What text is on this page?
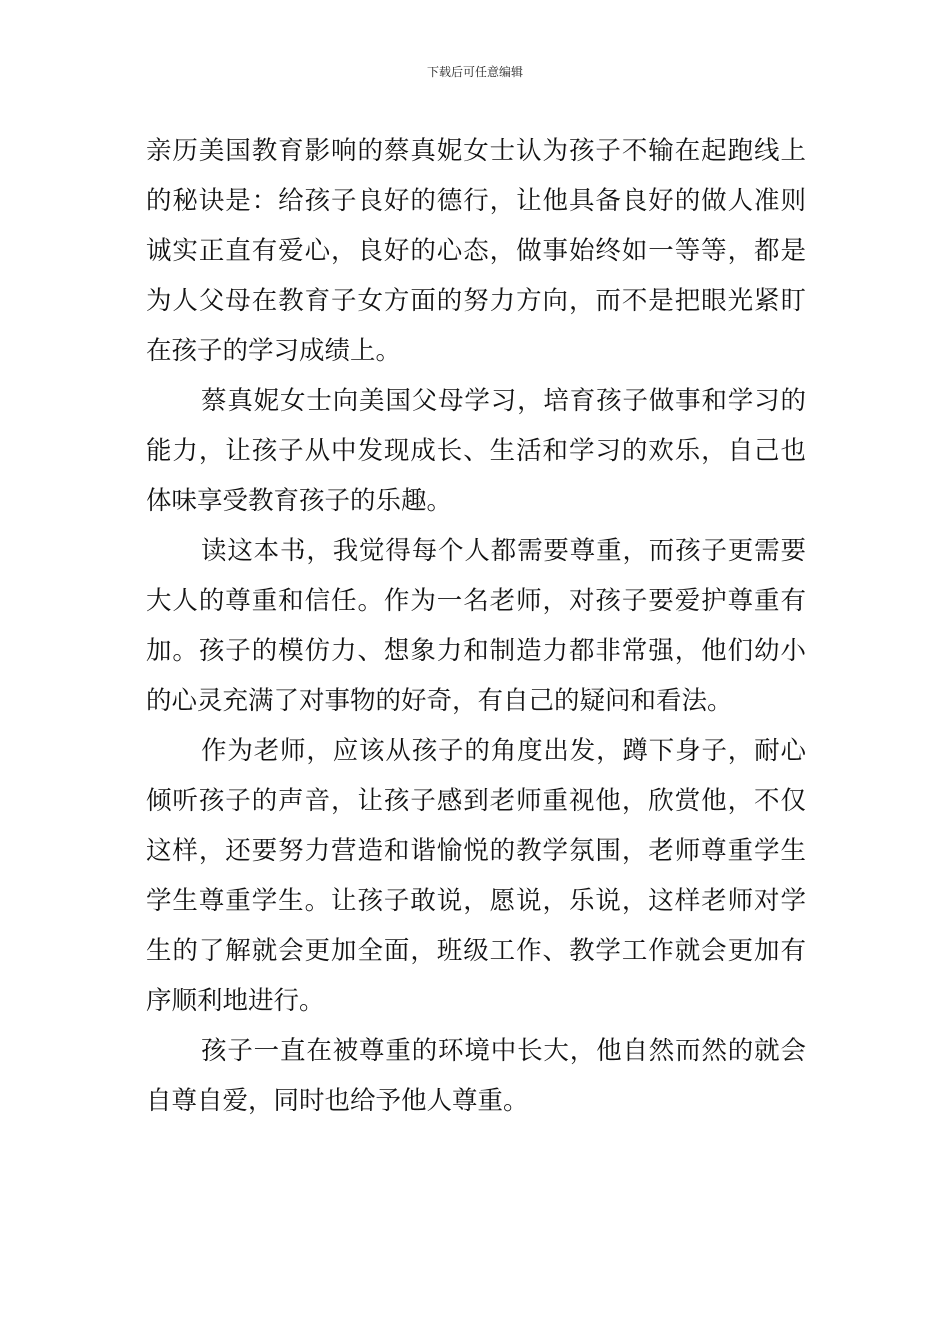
下载后可任意编辑
亲历美国教育影响的蔡真妮女士认为孩子不输在起跑线上
的秘诀是：给孩子良好的德行，让他具备良好的做人准则
诚实正直有爱心，良好的心态，做事始终如一等等，都是
为人父母在教育子女方面的努力方向，而不是把眼光紧盯
在孩子的学习成绩上。
蔡真妮女士向美国父母学习，培育孩子做事和学习的
能力，让孩子从中发现成长、生活和学习的欢乐，自己也
体味享受教育孩子的乐趣。
读这本书，我觉得每个人都需要尊重，而孩子更需要
大人的尊重和信任。作为一名老师，对孩子要爱护尊重有
加。孩子的模仿力、想象力和制造力都非常强，他们幼小
的心灵充满了对事物的好奇，有自己的疑问和看法。
作为老师，应该从孩子的角度出发，蹲下身子，耐心
倾听孩子的声音，让孩子感到老师重视他，欣赏他，不仅
这样，还要努力营造和谐愉悦的教学氛围，老师尊重学生
学生尊重学生。让孩子敢说，愿说，乐说，这样老师对学
生的了解就会更加全面，班级工作、教学工作就会更加有
序顺利地进行。
孩子一直在被尊重的环境中长大，他自然而然的就会
自尊自爱，同时也给予他人尊重。
